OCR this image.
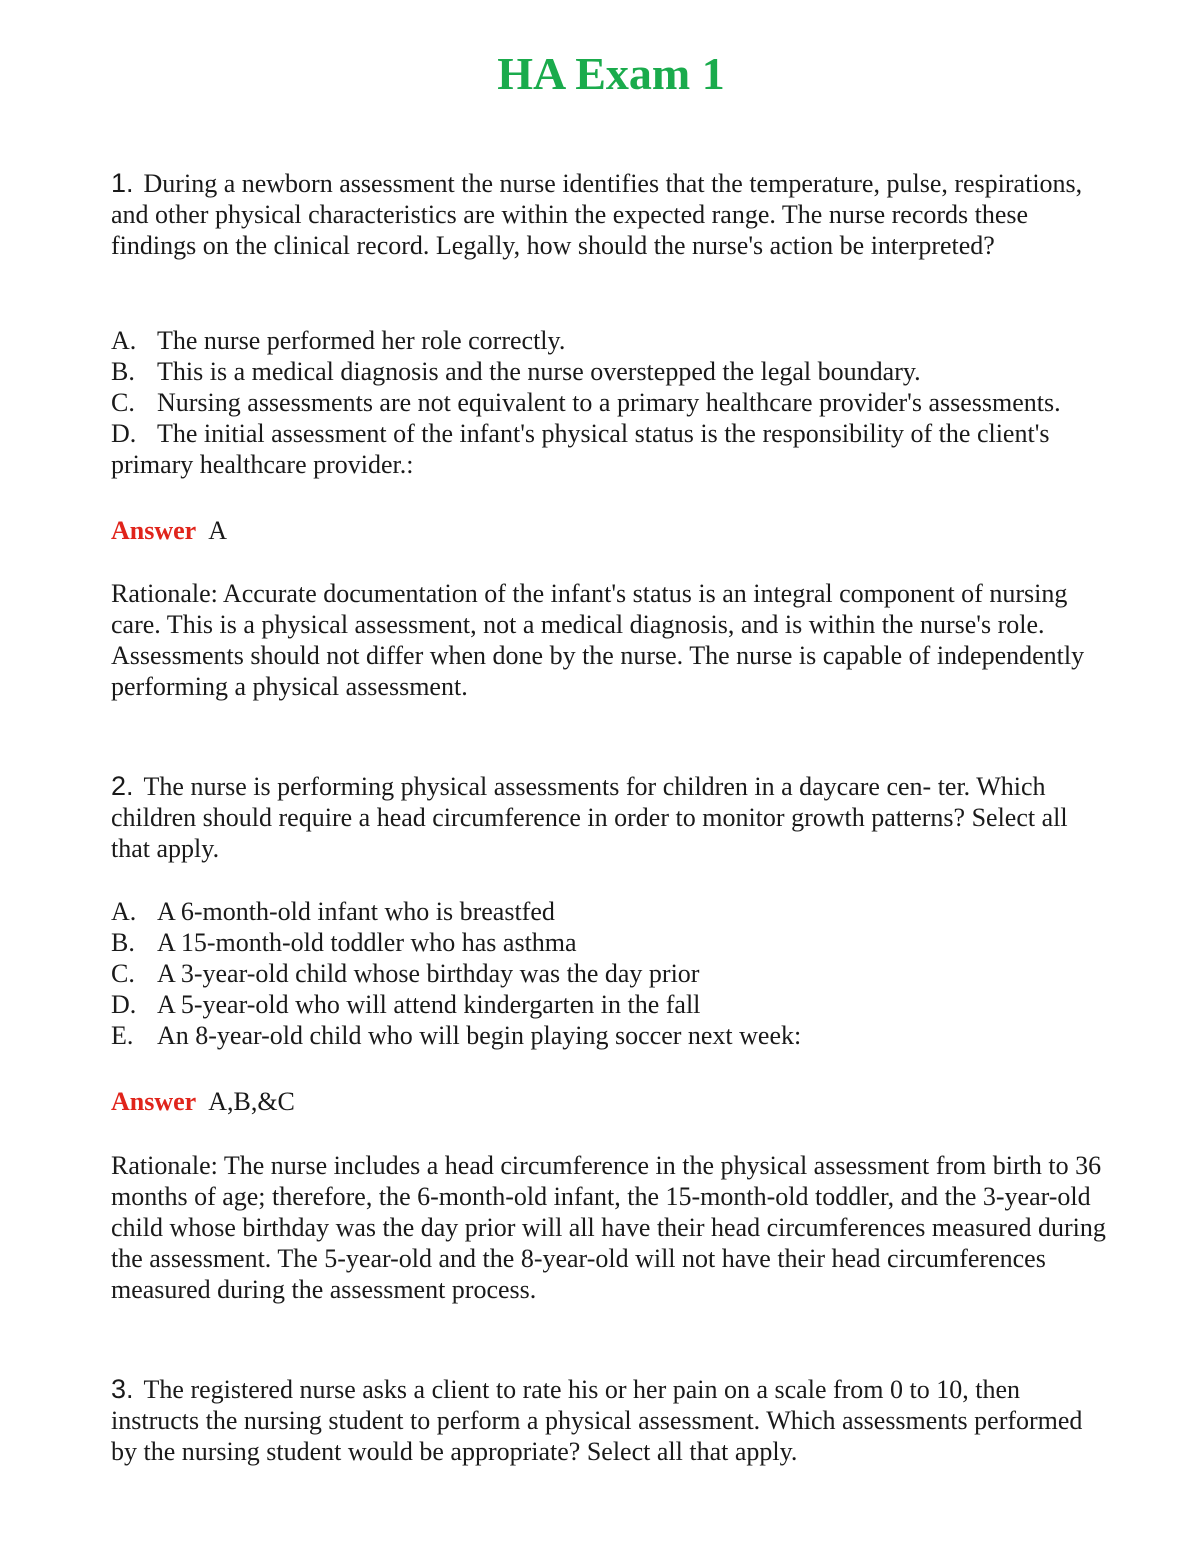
HA Exam 1

1. During a newborn assessment the nurse identifies that the temperature, pulse, respirations, and other physical characteristics are within the expected range. The nurse records these findings on the clinical record. Legally, how should the nurse's action be interpreted?

A. The nurse performed her role correctly.
B. This is a medical diagnosis and the nurse overstepped the legal boundary.
C. Nursing assessments are not equivalent to a primary healthcare provider's assessments.
D. The initial assessment of the infant's physical status is the responsibility of the client's primary healthcare provider.:
Answer A

Rationale: Accurate documentation of the infant's status is an integral component of nursing care. This is a physical assessment, not a medical diagnosis, and is within the nurse's role. Assessments should not differ when done by the nurse. The nurse is capable of independently performing a physical assessment.

2. The nurse is performing physical assessments for children in a daycare cen- ter. Which children should require a head circumference in order to monitor growth patterns? Select all that apply.

A. A 6-month-old infant who is breastfed
B. A 15-month-old toddler who has asthma
C. A 3-year-old child whose birthday was the day prior
D. A 5-year-old who will attend kindergarten in the fall
E. An 8-year-old child who will begin playing soccer next week:
Answer A,B,&C

Rationale: The nurse includes a head circumference in the physical assessment from birth to 36 months of age; therefore, the 6-month-old infant, the 15-month-old toddler, and the 3-year-old child whose birthday was the day prior will all have their head circumferences measured during the assessment. The 5-year-old and the 8-year-old will not have their head circumferences measured during the assessment process.

3. The registered nurse asks a client to rate his or her pain on a scale from 0 to 10, then instructs the nursing student to perform a physical assessment. Which assessments performed by the nursing student would be appropriate? Select all that apply.
